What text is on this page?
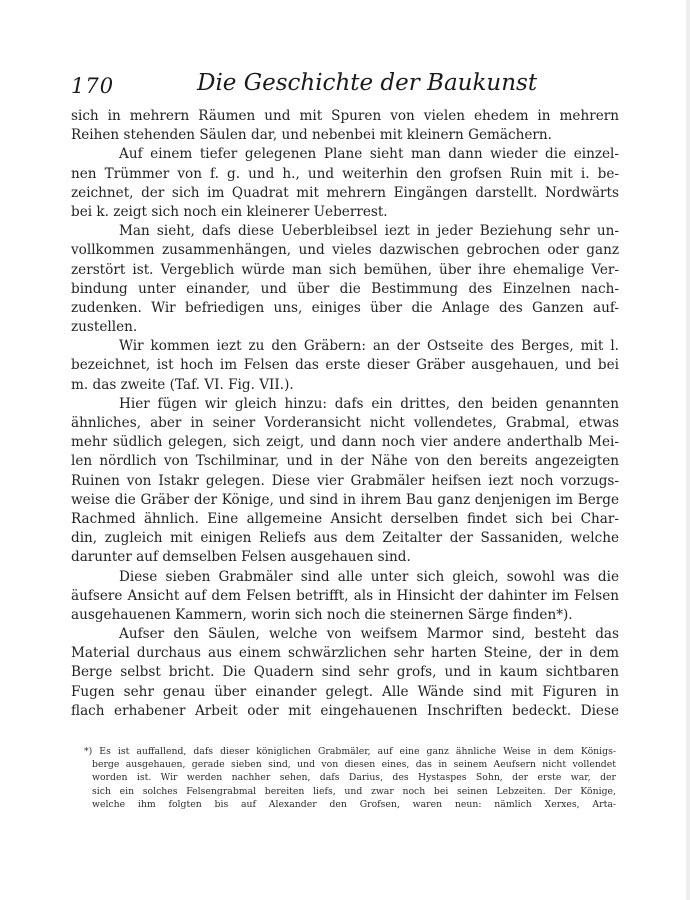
170	Die Geschichte der Baukunst
sich in mehrern Räumen und mit Spuren von vielen ehedem in mehrern
Reihen stehenden Säulen dar, und nebenbei mit kleinern Gemächern.
Auf einem tiefer gelegenen Plane sieht man dann wieder die einzel-
nen Trümmer von f. g. und h., und weiterhin den grofsen Ruin mit i. be-
zeichnet, der sich im Quadrat mit mehrern Eingängen darstellt. Nordwärts
bei k. zeigt sich noch ein kleinerer Ueberrest.
Man sieht, dafs diese Ueberbleibsel iezt in jeder Beziehung sehr un-
vollkommen zusammenhängen, und vieles dazwischen gebrochen oder ganz
zerstört ist. Vergeblich würde man sich bemühen, über ihre ehemalige Ver-
bindung unter einander, und über die Bestimmung des Einzelnen nach-
zudenken. Wir befriedigen uns, einiges über die Anlage des Ganzen auf-
zustellen.
Wir kommen iezt zu den Gräbern: an der Ostseite des Berges, mit l.
bezeichnet, ist hoch im Felsen das erste dieser Gräber ausgehauen, und bei
m. das zweite (Taf. VI. Fig. VII.).
Hier fügen wir gleich hinzu: dafs ein drittes, den beiden genannten
ähnliches, aber in seiner Vorderansicht nicht vollendetes, Grabmal, etwas
mehr südlich gelegen, sich zeigt, und dann noch vier andere anderthalb Mei-
len nördlich von Tschilminar, und in der Nähe von den bereits angezeigten
Ruinen von Istakr gelegen. Diese vier Grabmäler heifsen iezt noch vorzugs-
weise die Gräber der Könige, und sind in ihrem Bau ganz denjenigen im Berge
Rachmed ähnlich. Eine allgemeine Ansicht derselben findet sich bei Char-
din, zugleich mit einigen Reliefs aus dem Zeitalter der Sassaniden, welche
darunter auf demselben Felsen ausgehauen sind.
Diese sieben Grabmäler sind alle unter sich gleich, sowohl was die
äufsere Ansicht auf dem Felsen betrifft, als in Hinsicht der dahinter im Felsen
ausgehauenen Kammern, worin sich noch die steinernen Särge finden*).
Aufser den Säulen, welche von weifsem Marmor sind, besteht das
Material durchaus aus einem schwärzlichen sehr harten Steine, der in dem
Berge selbst bricht. Die Quadern sind sehr grofs, und in kaum sichtbaren
Fugen sehr genau über einander gelegt. Alle Wände sind mit Figuren in
flach erhabener Arbeit oder mit eingehauenen Inschriften bedeckt. Diese
*) Es ist auffallend, dafs dieser königlichen Grabmäler, auf eine ganz ähnliche Weise in dem Königs-
berge ausgehauen, gerade sieben sind, und von diesen eines, das in seinem Aeufsern nicht vollendet
worden ist. Wir werden nachher sehen, dafs Darius, des Hystaspes Sohn, der erste war, der
sich ein solches Felsengrabmal bereiten liefs, und zwar noch bei seinen Lebzeiten. Der Könige,
welche ihm folgten bis auf Alexander den Grofsen, waren neun: nämlich Xerxes, Arta-
